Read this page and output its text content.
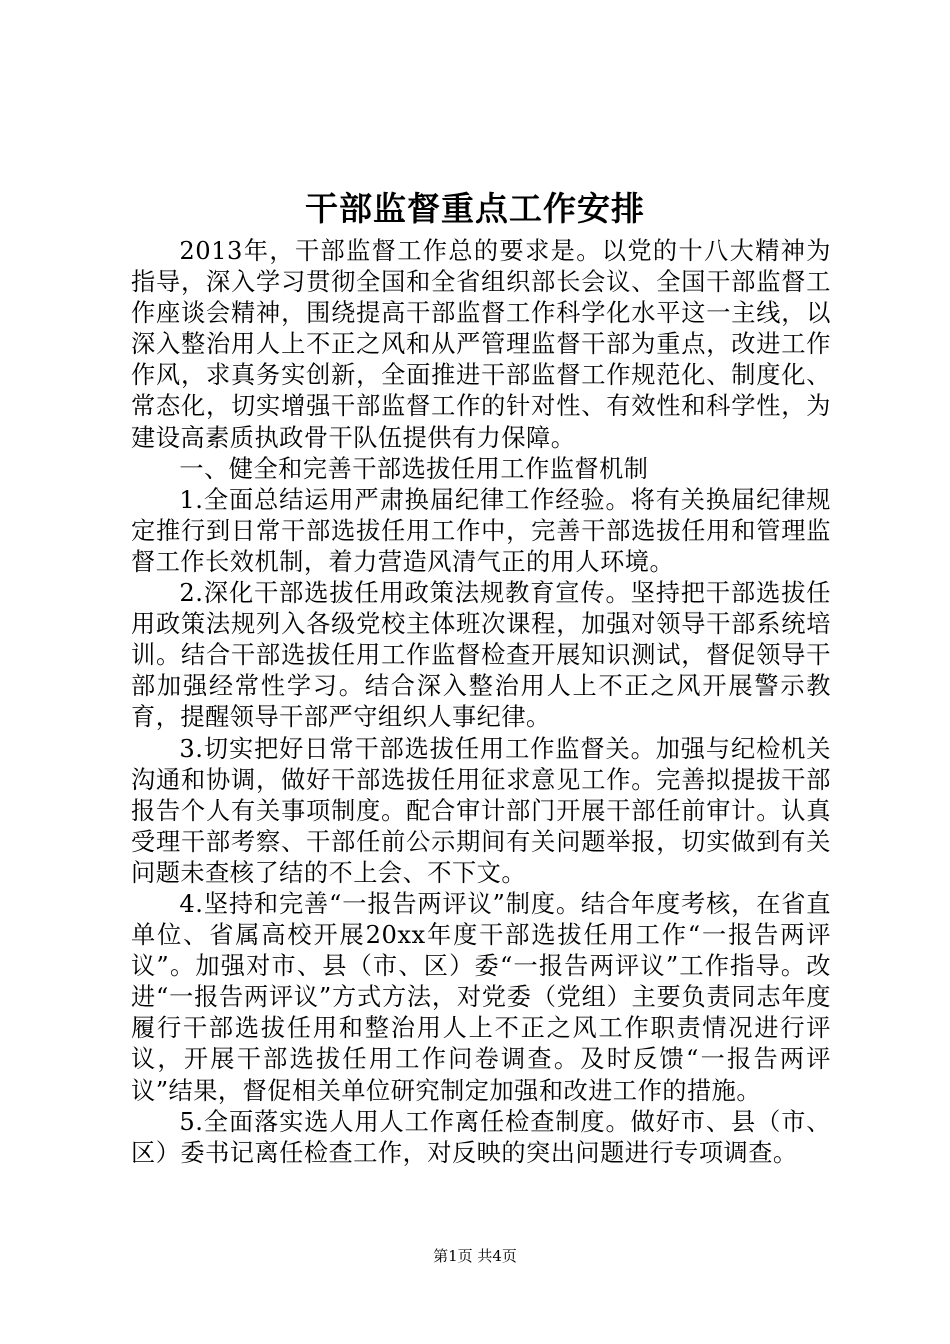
干部监督重点工作安排

2013年，干部监督工作总的要求是。以党的十八大精神为指导，深入学习贯彻全国和全省组织部长会议、全国干部监督工作座谈会精神，围绕提高干部监督工作科学化水平这一主线，以深入整治用人上不正之风和从严管理监督干部为重点，改进工作作风，求真务实创新，全面推进干部监督工作规范化、制度化、常态化，切实增强干部监督工作的针对性、有效性和科学性，为建设高素质执政骨干队伍提供有力保障。

一、健全和完善干部选拔任用工作监督机制

1.全面总结运用严肃换届纪律工作经验。将有关换届纪律规定推行到日常干部选拔任用工作中，完善干部选拔任用和管理监督工作长效机制，着力营造风清气正的用人环境。

2.深化干部选拔任用政策法规教育宣传。坚持把干部选拔任用政策法规列入各级党校主体班次课程，加强对领导干部系统培训。结合干部选拔任用工作监督检查开展知识测试，督促领导干部加强经常性学习。结合深入整治用人上不正之风开展警示教育，提醒领导干部严守组织人事纪律。

3.切实把好日常干部选拔任用工作监督关。加强与纪检机关沟通和协调，做好干部选拔任用征求意见工作。完善拟提拔干部报告个人有关事项制度。配合审计部门开展干部任前审计。认真受理干部考察、干部任前公示期间有关问题举报，切实做到有关问题未查核了结的不上会、不下文。

4.坚持和完善“一报告两评议”制度。结合年度考核，在省直单位、省属高校开展20xx年度干部选拔任用工作“一报告两评议”。加强对市、县（市、区）委“一报告两评议”工作指导。改进“一报告两评议”方式方法，对党委（党组）主要负责同志年度履行干部选拔任用和整治用人上不正之风工作职责情况进行评议，开展干部选拔任用工作问卷调查。及时反馈“一报告两评议”结果，督促相关单位研究制定加强和改进工作的措施。

5.全面落实选人用人工作离任检查制度。做好市、县（市、区）委书记离任检查工作，对反映的突出问题进行专项调查。

第1页 共4页
